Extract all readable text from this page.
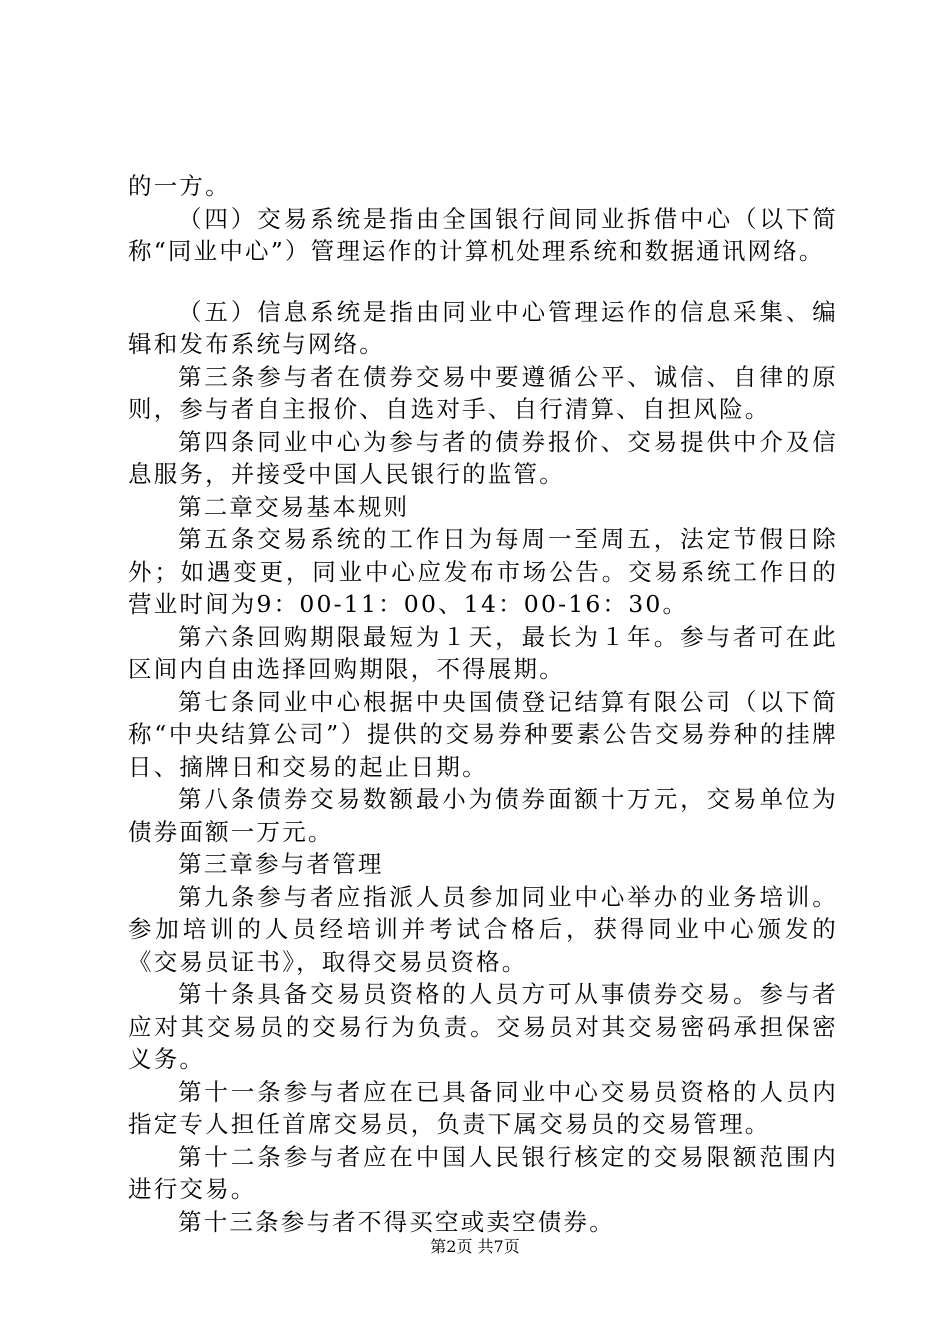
的一方。

（四）交易系统是指由全国银行间同业拆借中心（以下简称“同业中心”）管理运作的计算机处理系统和数据通讯网络。

（五）信息系统是指由同业中心管理运作的信息采集、编辑和发布系统与网络。

第三条参与者在债券交易中要遵循公平、诚信、自律的原则，参与者自主报价、自选对手、自行清算、自担风险。

第四条同业中心为参与者的债券报价、交易提供中介及信息服务，并接受中国人民银行的监管。

第二章交易基本规则

第五条交易系统的工作日为每周一至周五，法定节假日除外；如遇变更，同业中心应发布市场公告。交易系统工作日的营业时间为9：00-11：00、14：00-16：30。

第六条回购期限最短为１天，最长为１年。参与者可在此区间内自由选择回购期限，不得展期。

第七条同业中心根据中央国债登记结算有限公司（以下简称“中央结算公司”）提供的交易券种要素公告交易券种的挂牌日、摘牌日和交易的起止日期。

第八条债券交易数额最小为债券面额十万元，交易单位为债券面额一万元。

第三章参与者管理

第九条参与者应指派人员参加同业中心举办的业务培训。参加培训的人员经培训并考试合格后，获得同业中心颁发的《交易员证书》，取得交易员资格。

第十条具备交易员资格的人员方可从事债券交易。参与者应对其交易员的交易行为负责。交易员对其交易密码承担保密义务。

第十一条参与者应在已具备同业中心交易员资格的人员内指定专人担任首席交易员，负责下属交易员的交易管理。

第十二条参与者应在中国人民银行核定的交易限额范围内进行交易。

第十三条参与者不得买空或卖空债券。

第2页 共7页
